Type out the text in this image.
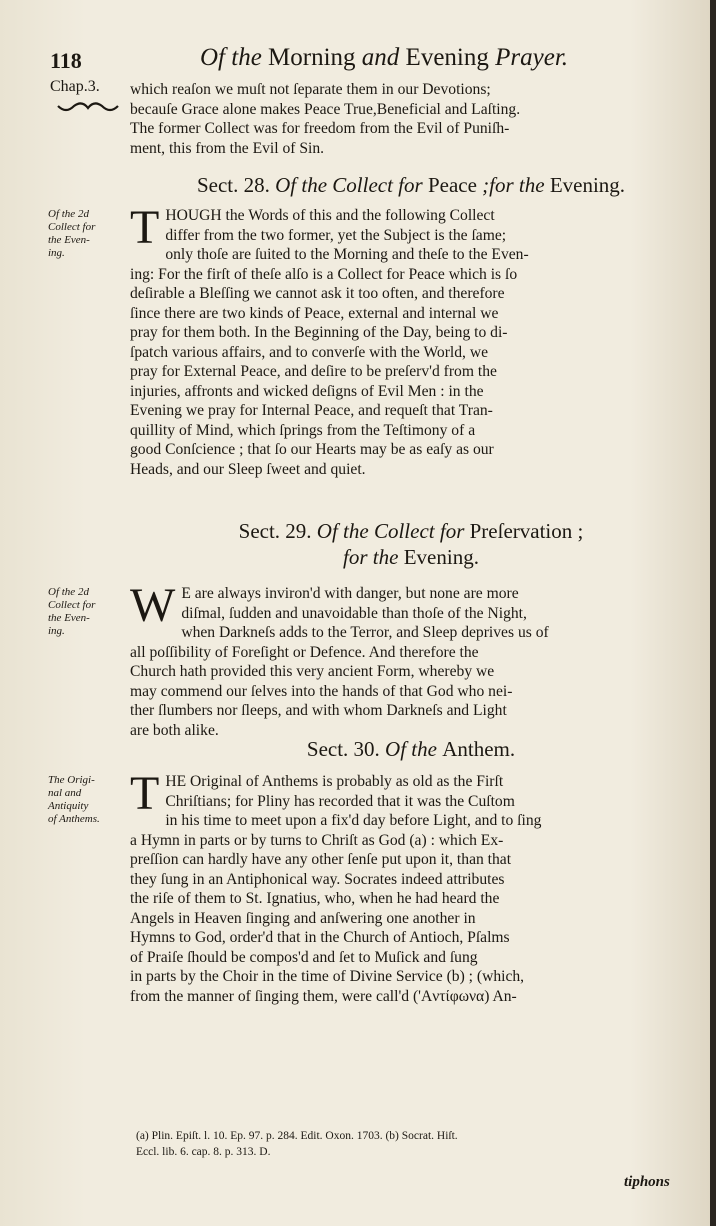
118	Of the Morning and Evening Prayer.
Chap.3. which reaſon we muſt not ſeparate them in our Devotions;
becauſe Grace alone makes Peace True,Beneficial and Laſting.
The former Collect was for freedom from the Evil of Puniſh-
ment, this from the Evil of Sin.
Sect. 28. Of the Collect for Peace ;for the Evening.
Of the 2d
Collect for
the Even-
ing.	T HOUGH the Words of this and the following Collect
differ from the two former, yet the Subject is the ſame;
only thoſe are ſuited to the Morning and theſe to the Even-
ing: For the firſt of theſe alſo is a Collect for Peace which is ſo
deſirable a Bleſſing we cannot ask it too often, and therefore
ſince there are two kinds of Peace, external and internal we
pray for them both. In the Beginning of the Day, being to di-
ſpatch various affairs, and to converſe with the World, we
pray for External Peace, and deſire to be preſerv'd from the
injuries, affronts and wicked deſigns of Evil Men : in the
Evening we pray for Internal Peace, and requeſt that Tran-
quillity of Mind, which ſprings from the Teſtimony of a
good Conſcience ; that ſo our Hearts may be as eaſy as our
Heads, and our Sleep ſweet and quiet.
Sect. 29. Of the Collect for Preſervation ;
for the Evening.
Of the 2d
Collect for
the Even-
ing.	W E are always inviron'd with danger, but none are more
diſmal, ſudden and unavoidable than thoſe of the Night,
when Darkneſs adds to the Terror, and Sleep deprives us of
all poſſibility of Foreſight or Defence. And therefore the
Church hath provided this very ancient Form, whereby we
may commend our ſelves into the hands of that God who nei-
ther ſlumbers nor ſleeps, and with whom Darkneſs and Light
are both alike.
Sect. 30. Of the Anthem.
The Origi-
nal and
Antiquity
of Anthems. T HE Original of Anthems is probably as old as the Firſt
Chriſtians; for Pliny has recorded that it was the Cuſtom
in his time to meet upon a fix'd day before Light, and to ſing
a Hymn in parts or by turns to Chriſt as God (a) : which Ex-
preſſion can hardly have any other ſenſe put upon it, than that
they ſung in an Antiphonical way. Socrates indeed attributes
the riſe of them to St. Ignatius, who, when he had heard the
Angels in Heaven ſinging and anſwering one another in
Hymns to God, order'd that in the Church of Antioch, Pſalms
of Praiſe ſhould be compos'd and ſet to Muſick and ſung
in parts by the Choir in the time of Divine Service (b) ; (which,
from the manner of ſinging them, were call'd ('Aντίφωνα) An-
(a) Plin. Epiſt. l. 10. Ep. 97. p. 284. Edit. Oxon. 1703. (b) Socrat. Hiſt.
Eccl. lib. 6. cap. 8. p. 313. D.
tiphons
